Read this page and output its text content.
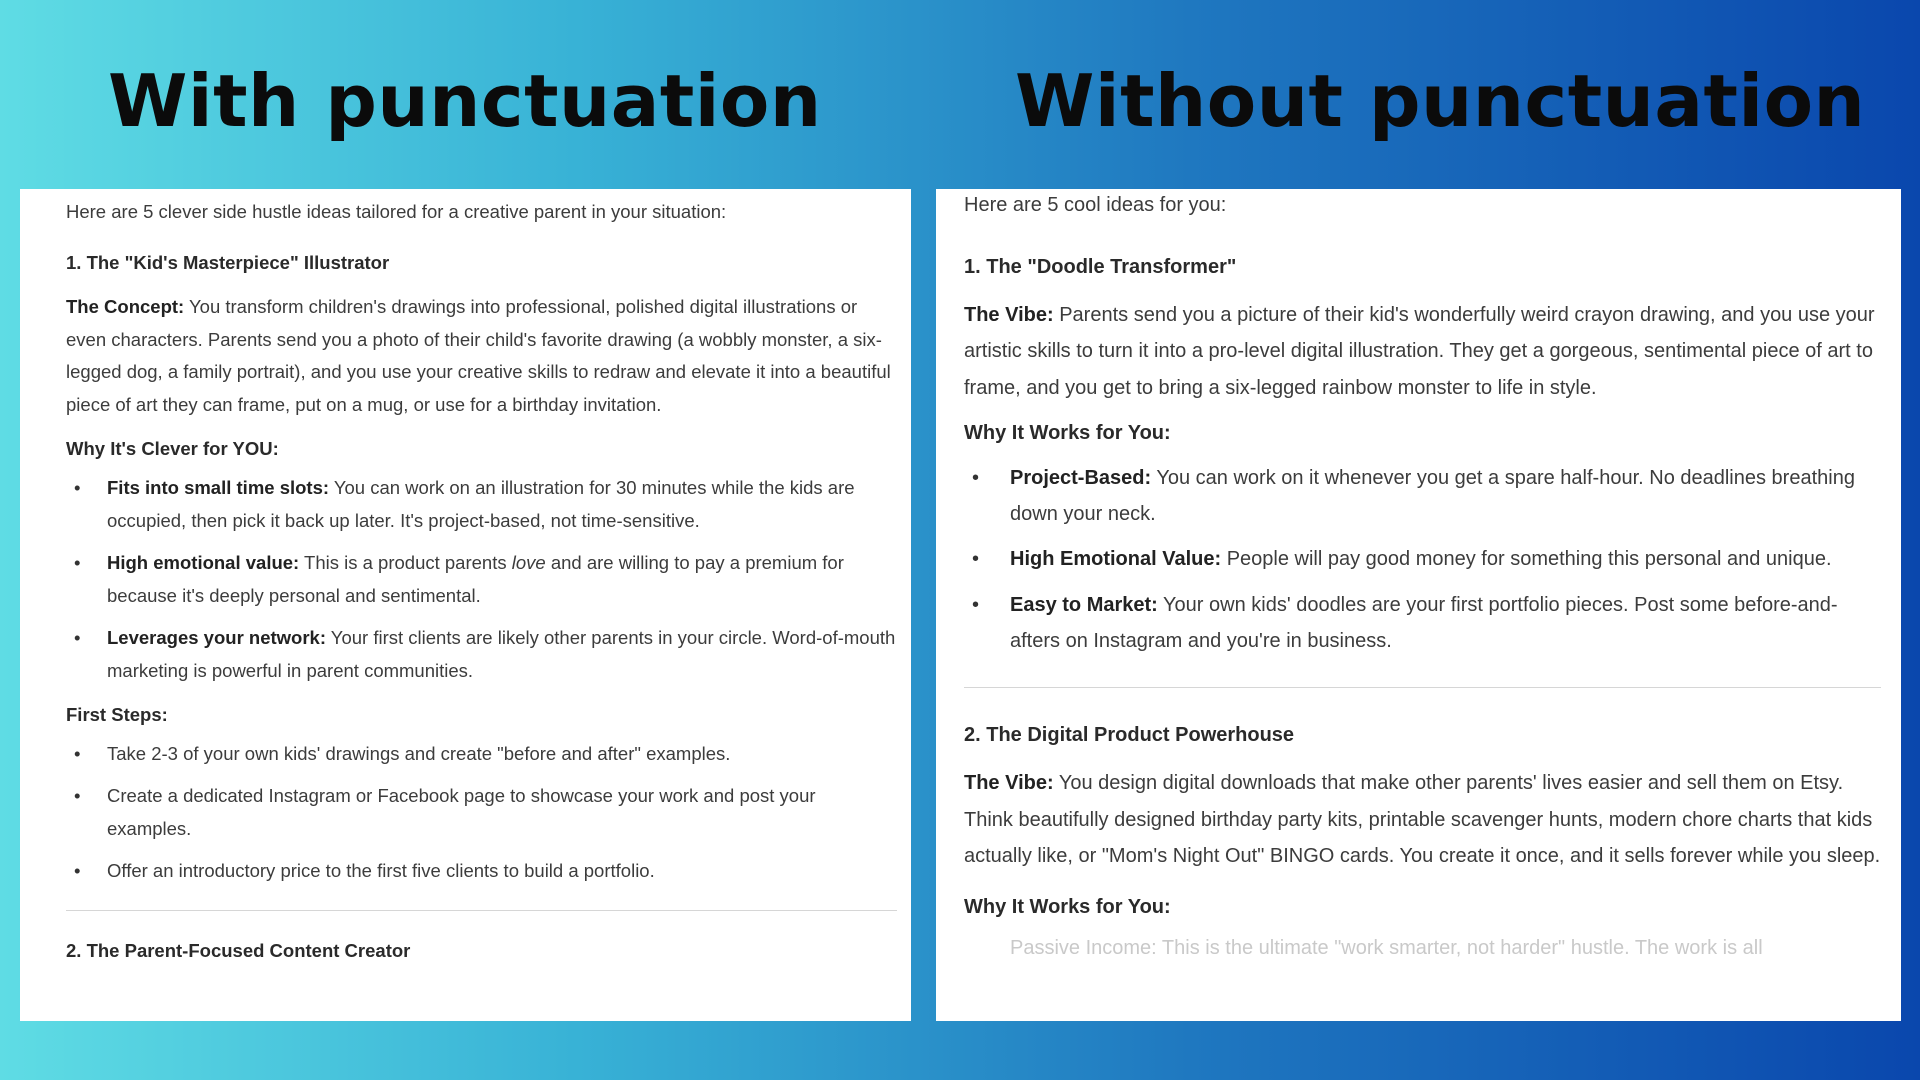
With punctuation	Without punctuation

Here are 5 clever side hustle ideas tailored for a creative parent in your situation:

1. The "Kid's Masterpiece" Illustrator

The Concept: You transform children's drawings into professional, polished digital illustrations or even characters. Parents send you a photo of their child's favorite drawing (a wobbly monster, a six-legged dog, a family portrait), and you use your creative skills to redraw and elevate it into a beautiful piece of art they can frame, put on a mug, or use for a birthday invitation.

Why It's Clever for YOU:

• Fits into small time slots: You can work on an illustration for 30 minutes while the kids are occupied, then pick it back up later. It's project-based, not time-sensitive.
• High emotional value: This is a product parents love and are willing to pay a premium for because it's deeply personal and sentimental.
• Leverages your network: Your first clients are likely other parents in your circle. Word-of-mouth marketing is powerful in parent communities.

First Steps:

• Take 2-3 of your own kids' drawings and create "before and after" examples.
• Create a dedicated Instagram or Facebook page to showcase your work and post your examples.
• Offer an introductory price to the first five clients to build a portfolio.

2. The Parent-Focused Content Creator

Here are 5 cool ideas for you:

1. The "Doodle Transformer"

The Vibe: Parents send you a picture of their kid's wonderfully weird crayon drawing, and you use your artistic skills to turn it into a pro-level digital illustration. They get a gorgeous, sentimental piece of art to frame, and you get to bring a six-legged rainbow monster to life in style.

Why It Works for You:

• Project-Based: You can work on it whenever you get a spare half-hour. No deadlines breathing down your neck.
• High Emotional Value: People will pay good money for something this personal and unique.
• Easy to Market: Your own kids' doodles are your first portfolio pieces. Post some before-and-afters on Instagram and you're in business.

2. The Digital Product Powerhouse

The Vibe: You design digital downloads that make other parents' lives easier and sell them on Etsy. Think beautifully designed birthday party kits, printable scavenger hunts, modern chore charts that kids actually like, or "Mom's Night Out" BINGO cards. You create it once, and it sells forever while you sleep.

Why It Works for You:

Passive Income: This is the ultimate "work smarter, not harder" hustle. The work is all
